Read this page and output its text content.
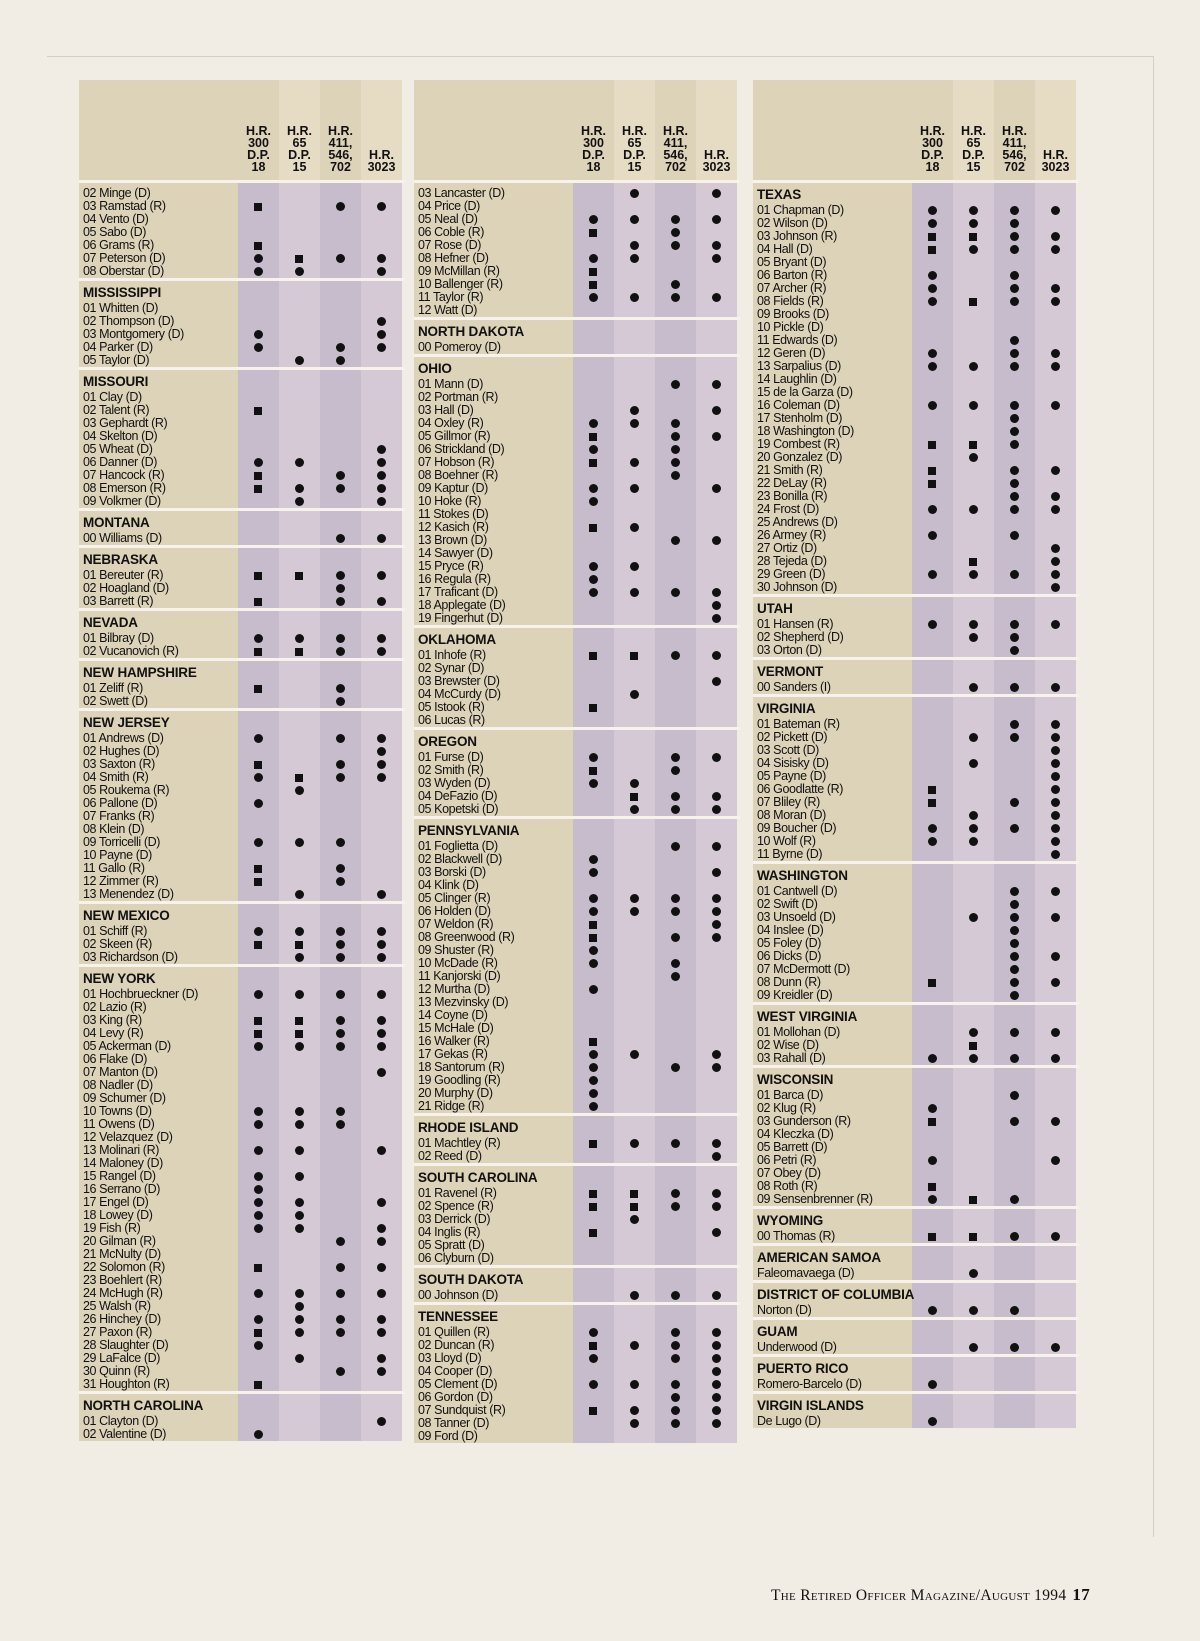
H.R.
300
D.P.
18
H.R.
65
D.P.
15
H.R.
411,
546,
702
H.R.
3023
02 Minge (D)
03 Ramstad (R)
04 Vento (D)
05 Sabo (D)
06 Grams (R)
07 Peterson (D)
08 Oberstar (D)
MISSISSIPPI
01 Whitten (D)
02 Thompson (D)
03 Montgomery (D)
04 Parker (D)
05 Taylor (D)
MISSOURI
01 Clay (D)
02 Talent (R)
03 Gephardt (R)
04 Skelton (D)
05 Wheat (D)
06 Danner (D)
07 Hancock (R)
08 Emerson (R)
09 Volkmer (D)
MONTANA
00 Williams (D)
NEBRASKA
01 Bereuter (R)
02 Hoagland (D)
03 Barrett (R)
NEVADA
01 Bilbray (D)
02 Vucanovich (R)
NEW HAMPSHIRE
01 Zeliff (R)
02 Swett (D)
NEW JERSEY
01 Andrews (D)
02 Hughes (D)
03 Saxton (R)
04 Smith (R)
05 Roukema (R)
06 Pallone (D)
07 Franks (R)
08 Klein (D)
09 Torricelli (D)
10 Payne (D)
11 Gallo (R)
12 Zimmer (R)
13 Menendez (D)
NEW MEXICO
01 Schiff (R)
02 Skeen (R)
03 Richardson (D)
NEW YORK
01 Hochbrueckner (D)
02 Lazio (R)
03 King (R)
04 Levy (R)
05 Ackerman (D)
06 Flake (D)
07 Manton (D)
08 Nadler (D)
09 Schumer (D)
10 Towns (D)
11 Owens (D)
12 Velazquez (D)
13 Molinari (R)
14 Maloney (D)
15 Rangel (D)
16 Serrano (D)
17 Engel (D)
18 Lowey (D)
19 Fish (R)
20 Gilman (R)
21 McNulty (D)
22 Solomon (R)
23 Boehlert (R)
24 McHugh (R)
25 Walsh (R)
26 Hinchey (D)
27 Paxon (R)
28 Slaughter (D)
29 LaFalce (D)
30 Quinn (R)
31 Houghton (R)
NORTH CAROLINA
01 Clayton (D)
02 Valentine (D)
H.R.
300
D.P.
18
H.R.
65
D.P.
15
H.R.
411,
546,
702
H.R.
3023
03 Lancaster (D)
04 Price (D)
05 Neal (D)
06 Coble (R)
07 Rose (D)
08 Hefner (D)
09 McMillan (R)
10 Ballenger (R)
11 Taylor (R)
12 Watt (D)
NORTH DAKOTA
00 Pomeroy (D)
OHIO
01 Mann (D)
02 Portman (R)
03 Hall (D)
04 Oxley (R)
05 Gillmor (R)
06 Strickland (D)
07 Hobson (R)
08 Boehner (R)
09 Kaptur (D)
10 Hoke (R)
11 Stokes (D)
12 Kasich (R)
13 Brown (D)
14 Sawyer (D)
15 Pryce (R)
16 Regula (R)
17 Traficant (D)
18 Applegate (D)
19 Fingerhut (D)
OKLAHOMA
01 Inhofe (R)
02 Synar (D)
03 Brewster (D)
04 McCurdy (D)
05 Istook (R)
06 Lucas (R)
OREGON
01 Furse (D)
02 Smith (R)
03 Wyden (D)
04 DeFazio (D)
05 Kopetski (D)
PENNSYLVANIA
01 Foglietta (D)
02 Blackwell (D)
03 Borski (D)
04 Klink (D)
05 Clinger (R)
06 Holden (D)
07 Weldon (R)
08 Greenwood (R)
09 Shuster (R)
10 McDade (R)
11 Kanjorski (D)
12 Murtha (D)
13 Mezvinsky (D)
14 Coyne (D)
15 McHale (D)
16 Walker (R)
17 Gekas (R)
18 Santorum (R)
19 Goodling (R)
20 Murphy (D)
21 Ridge (R)
RHODE ISLAND
01 Machtley (R)
02 Reed (D)
SOUTH CAROLINA
01 Ravenel (R)
02 Spence (R)
03 Derrick (D)
04 Inglis (R)
05 Spratt (D)
06 Clyburn (D)
SOUTH DAKOTA
00 Johnson (D)
TENNESSEE
01 Quillen (R)
02 Duncan (R)
03 Lloyd (D)
04 Cooper (D)
05 Clement (D)
06 Gordon (D)
07 Sundquist (R)
08 Tanner (D)
09 Ford (D)
H.R.
300
D.P.
18
H.R.
65
D.P.
15
H.R.
411,
546,
702
H.R.
3023
TEXAS
01 Chapman (D)
02 Wilson (D)
03 Johnson (R)
04 Hall (D)
05 Bryant (D)
06 Barton (R)
07 Archer (R)
08 Fields (R)
09 Brooks (D)
10 Pickle (D)
11 Edwards (D)
12 Geren (D)
13 Sarpalius (D)
14 Laughlin (D)
15 de la Garza (D)
16 Coleman (D)
17 Stenholm (D)
18 Washington (D)
19 Combest (R)
20 Gonzalez (D)
21 Smith (R)
22 DeLay (R)
23 Bonilla (R)
24 Frost (D)
25 Andrews (D)
26 Armey (R)
27 Ortiz (D)
28 Tejeda (D)
29 Green (D)
30 Johnson (D)
UTAH
01 Hansen (R)
02 Shepherd (D)
03 Orton (D)
VERMONT
00 Sanders (I)
VIRGINIA
01 Bateman (R)
02 Pickett (D)
03 Scott (D)
04 Sisisky (D)
05 Payne (D)
06 Goodlatte (R)
07 Bliley (R)
08 Moran (D)
09 Boucher (D)
10 Wolf (R)
11 Byrne (D)
WASHINGTON
01 Cantwell (D)
02 Swift (D)
03 Unsoeld (D)
04 Inslee (D)
05 Foley (D)
06 Dicks (D)
07 McDermott (D)
08 Dunn (R)
09 Kreidler (D)
WEST VIRGINIA
01 Mollohan (D)
02 Wise (D)
03 Rahall (D)
WISCONSIN
01 Barca (D)
02 Klug (R)
03 Gunderson (R)
04 Kleczka (D)
05 Barrett (D)
06 Petri (R)
07 Obey (D)
08 Roth (R)
09 Sensenbrenner (R)
WYOMING
00 Thomas (R)
AMERICAN SAMOA
Faleomavaega (D)
DISTRICT OF COLUMBIA
Norton (D)
GUAM
Underwood (D)
PUERTO RICO
Romero-Barcelo (D)
VIRGIN ISLANDS
De Lugo (D)
The Retired Officer Magazine/August 1994 17
